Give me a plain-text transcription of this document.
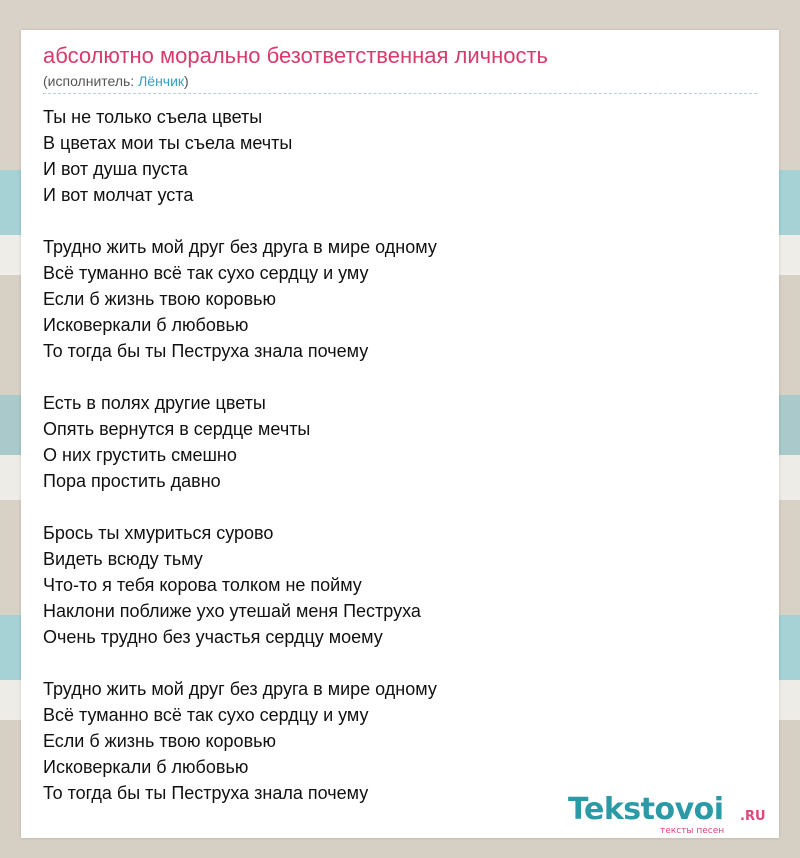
абсолютно морально безответственная личность
(исполнитель: Лёнчик)
Ты не только съела цветы
В цветах мои ты съела мечты
И вот душа пуста
И вот молчат уста
Трудно жить мой друг без друга в мире одному
Всё туманно всё так сухо сердцу и уму
Если б жизнь твою коровью
Исковеркали б любовью
То тогда бы ты Пеструха знала почему
Есть в полях другие цветы
Опять вернутся в сердце мечты
О них грустить смешно
Пора простить давно
Брось ты хмуриться сурово
Видеть всюду тьму
Что-то я тебя корова толком не пойму
Наклони поближе ухо утешай меня Пеструха
Очень трудно без участья сердцу моему
Трудно жить мой друг без друга в мире одному
Всё туманно всё так сухо сердцу и уму
Если б жизнь твою коровью
Исковеркали б любовью
То тогда бы ты Пеструха знала почему	Tekstovoi .RU
тексты песен
